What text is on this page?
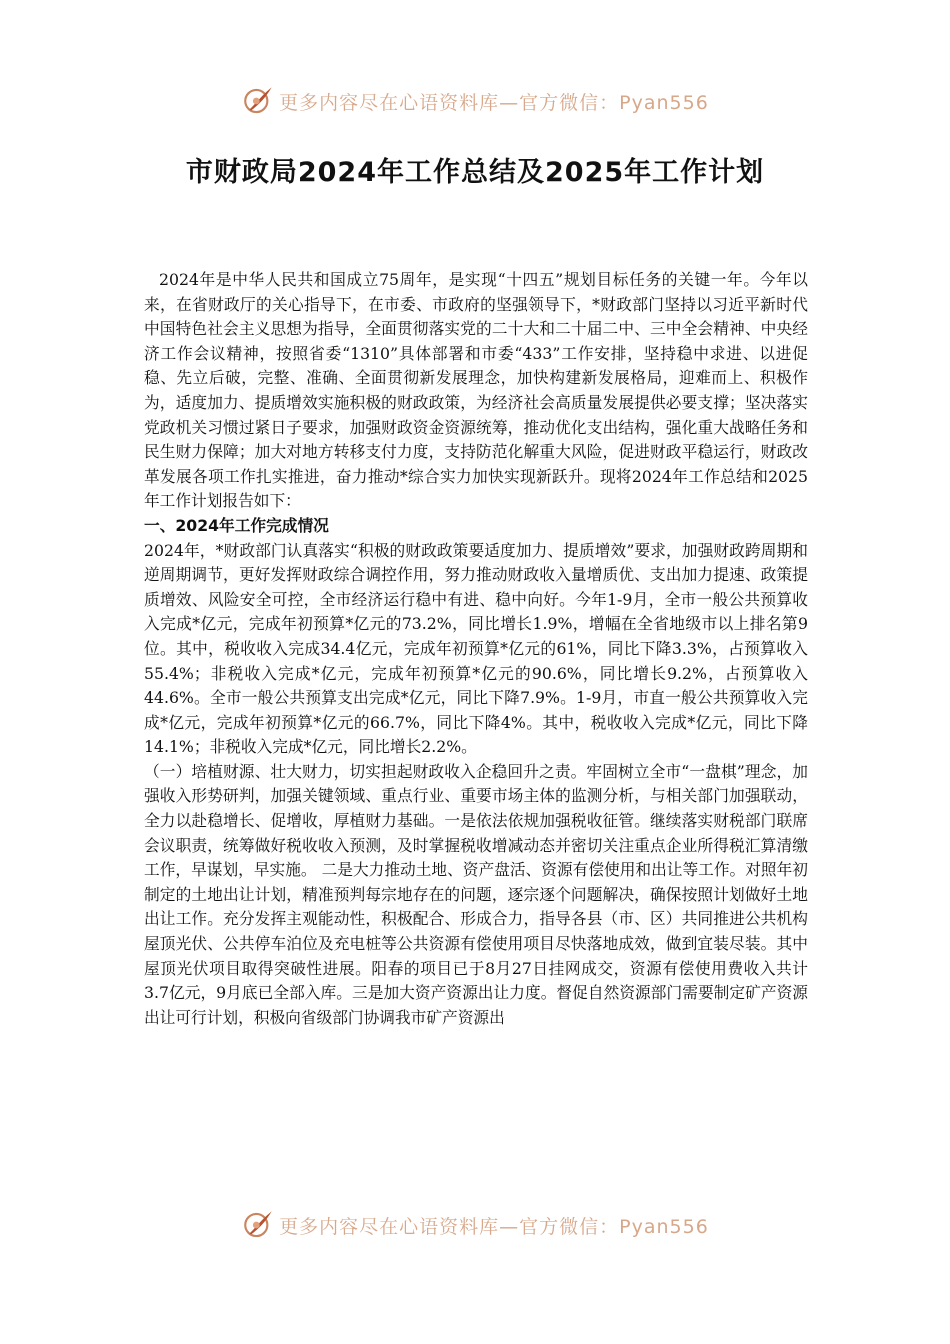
更多内容尽在心语资料库—官方微信：Pyan556
市财政局2024年工作总结及2025年工作计划

2024年是中华人民共和国成立75周年，是实现“十四五”规划目标任务的关键一年。今年以来，在省财政厅的关心指导下，在市委、市政府的坚强领导下，*财政部门坚持以习近平新时代中国特色社会主义思想为指导，全面贯彻落实党的二十大和二十届二中、三中全会精神、中央经济工作会议精神，按照省委“1310”具体部署和市委“433”工作安排，坚持稳中求进、以进促稳、先立后破，完整、准确、全面贯彻新发展理念，加快构建新发展格局，迎难而上、积极作为，适度加力、提质增效实施积极的财政政策，为经济社会高质量发展提供必要支撑；坚决落实党政机关习惯过紧日子要求，加强财政资金资源统筹，推动优化支出结构，强化重大战略任务和民生财力保障；加大对地方转移支付力度，支持防范化解重大风险，促进财政平稳运行，财政改革发展各项工作扎实推进，奋力推动*综合实力加快实现新跃升。现将2024年工作总结和2025年工作计划报告如下：

一、2024年工作完成情况

2024年，*财政部门认真落实“积极的财政政策要适度加力、提质增效”要求，加强财政跨周期和逆周期调节，更好发挥财政综合调控作用，努力推动财政收入量增质优、支出加力提速、政策提质增效、风险安全可控，全市经济运行稳中有进、稳中向好。今年1-9月，全市一般公共预算收入完成*亿元，完成年初预算*亿元的73.2%，同比增长1.9%，增幅在全省地级市以上排名第9位。其中，税收收入完成34.4亿元，完成年初预算*亿元的61%，同比下降3.3%，占预算收入55.4%；非税收入完成*亿元，完成年初预算*亿元的90.6%，同比增长9.2%，占预算收入44.6%。全市一般公共预算支出完成*亿元，同比下降7.9%。1-9月，市直一般公共预算收入完成*亿元，完成年初预算*亿元的66.7%，同比下降4%。其中，税收收入完成*亿元，同比下降14.1%；非税收入完成*亿元，同比增长2.2%。

（一）培植财源、壮大财力，切实担起财政收入企稳回升之责。牢固树立全市“一盘棋”理念，加强收入形势研判，加强关键领域、重点行业、重要市场主体的监测分析，与相关部门加强联动，全力以赴稳增长、促增收，厚植财力基础。一是依法依规加强税收征管。继续落实财税部门联席会议职责，统筹做好税收收入预测，及时掌握税收增减动态并密切关注重点企业所得税汇算清缴工作，早谋划，早实施。 二是大力推动土地、资产盘活、资源有偿使用和出让等工作。对照年初制定的土地出让计划，精准预判每宗地存在的问题，逐宗逐个问题解决，确保按照计划做好土地出让工作。充分发挥主观能动性，积极配合、形成合力，指导各县（市、区）共同推进公共机构屋顶光伏、公共停车泊位及充电桩等公共资源有偿使用项目尽快落地成效，做到宜装尽装。其中屋顶光伏项目取得突破性进展。阳春的项目已于8月27日挂网成交，资源有偿使用费收入共计3.7亿元，9月底已全部入库。三是加大资产资源出让力度。督促自然资源部门需要制定矿产资源出让可行计划，积极向省级部门协调我市矿产资源出

更多内容尽在心语资料库—官方微信：Pyan556
